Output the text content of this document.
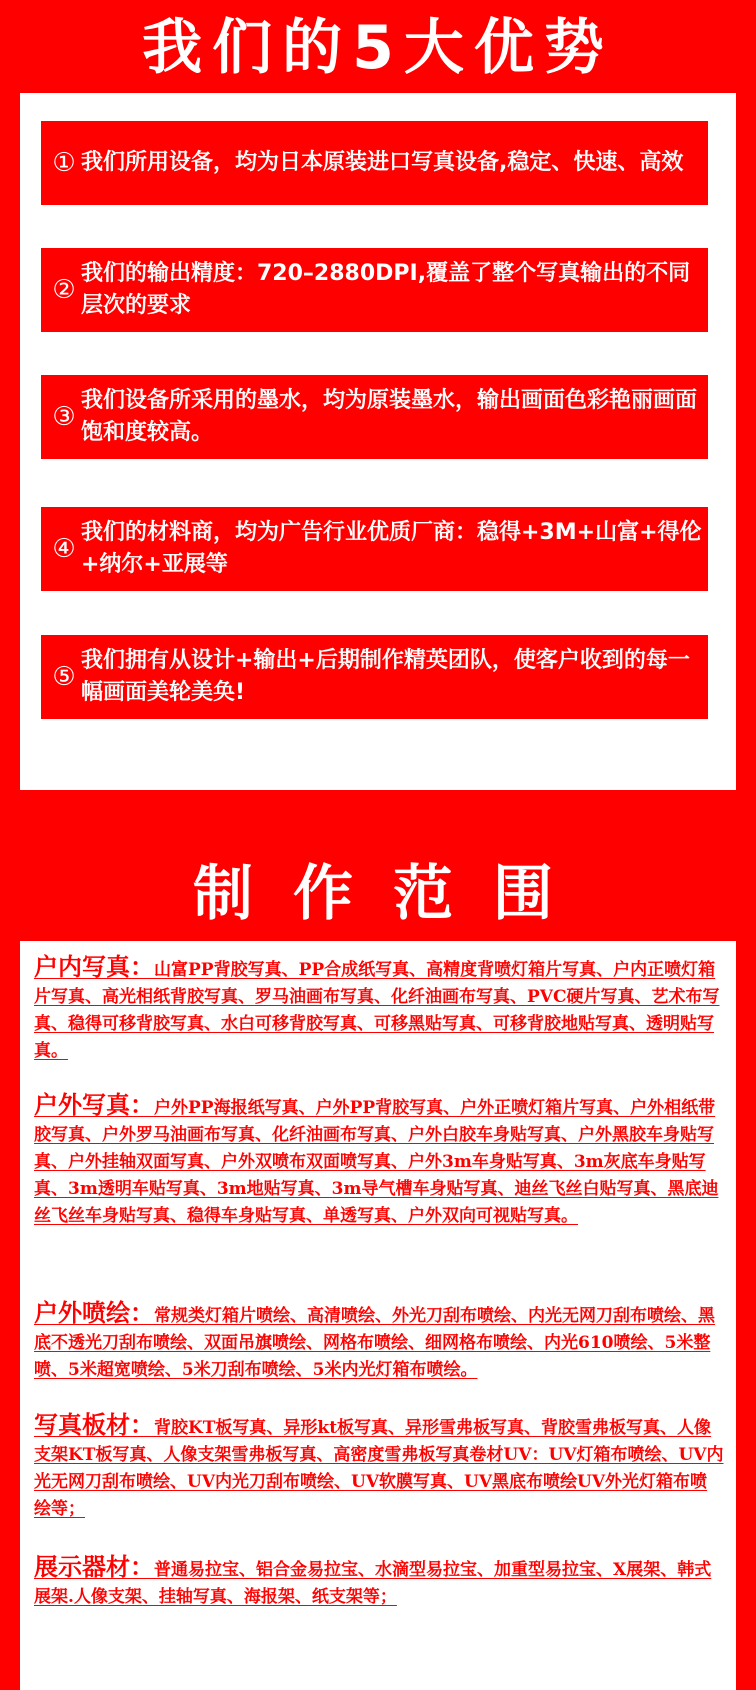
我们的5大优势
① 我们所用设备，均为日本原装进口写真设备,稳定、快速、高效
②
我们的输出精度：720–2880DPI,覆盖了整个写真输出的不同层次的要求
③
我们设备所采用的墨水，均为原装墨水，输出画面色彩艳丽画面饱和度较高。
④
我们的材料商，均为广告行业优质厂商：稳得+3M+山富+得伦+纳尔+亚展等
⑤
我们拥有从设计+输出+后期制作精英团队，使客户收到的每一幅画面美轮美奂!
制作范围
户内写真：山富PP背胶写真、PP合成纸写真、高精度背喷灯箱片写真、户内正喷灯箱片写真、高光相纸背胶写真、罗马油画布写真、化纤油画布写真、PVC硬片写真、艺术布写真、稳得可移背胶写真、水白可移背胶写真、可移黑贴写真、可移背胶地贴写真、透明贴写真。
户外写真：户外PP海报纸写真、户外PP背胶写真、户外正喷灯箱片写真、户外相纸带胶写真、户外罗马油画布写真、化纤油画布写真、户外白胶车身贴写真、户外黑胶车身贴写真、户外挂轴双面写真、户外双喷布双面喷写真、户外3m车身贴写真、3m灰底车身贴写真、3m透明车贴写真、3m地贴写真、3m导气槽车身贴写真、迪丝飞丝白贴写真、黑底迪丝飞丝车身贴写真、稳得车身贴写真、单透写真、户外双向可视贴写真。
户外喷绘：常规类灯箱片喷绘、高清喷绘、外光刀刮布喷绘、内光无网刀刮布喷绘、黑底不透光刀刮布喷绘、双面吊旗喷绘、网格布喷绘、细网格布喷绘、内光610喷绘、5米整喷、5米超宽喷绘、5米刀刮布喷绘、5米内光灯箱布喷绘。
写真板材：背胶KT板写真、异形kt板写真、异形雪弗板写真、背胶雪弗板写真、人像支架KT板写真、人像支架雪弗板写真、高密度雪弗板写真卷材UV：UV灯箱布喷绘、UV内光无网刀刮布喷绘、UV内光刀刮布喷绘、UV软膜写真、UV黑底布喷绘UV外光灯箱布喷绘等；
展示器材：普通易拉宝、铝合金易拉宝、水滴型易拉宝、加重型易拉宝、X展架、韩式展架.人像支架、挂轴写真、海报架、纸支架等；
